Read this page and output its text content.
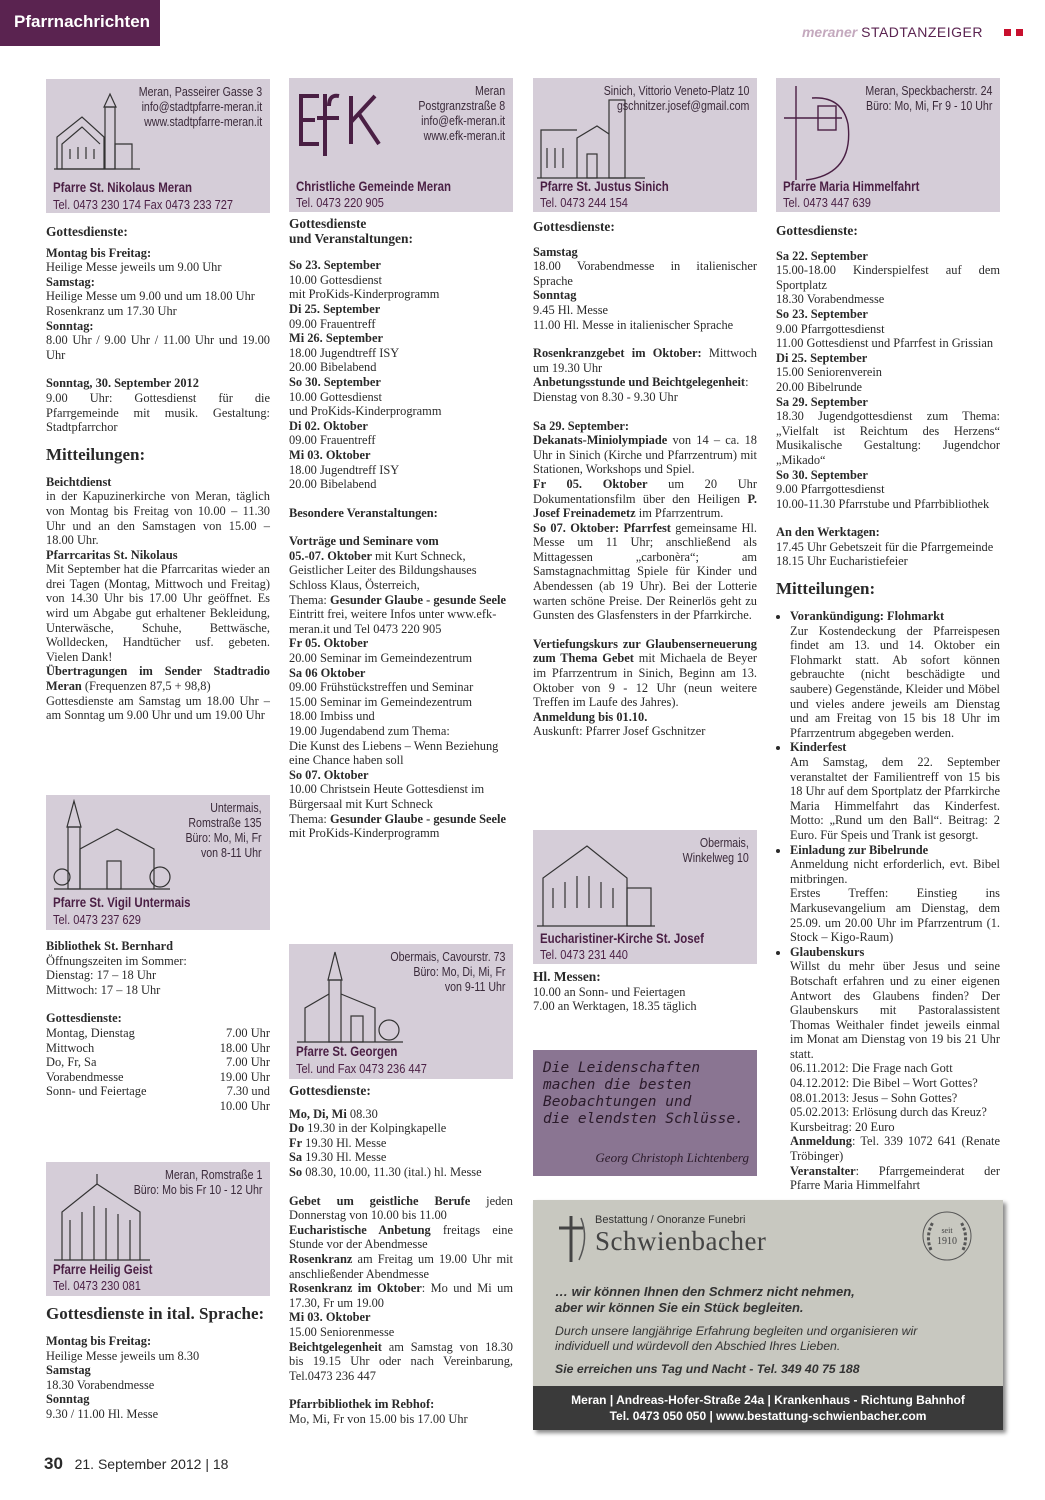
Pfarrnachrichten
meraner STADTANZEIGER
Meran, Passeirer Gasse 3
info@stadtpfarre-meran.it
www.stadtpfarre-meran.it
Pfarre St. Nikolaus Meran
Tel. 0473 230 174 Fax 0473 233 727

Gottesdienste:

Montag bis Freitag:

Heilige Messe jeweils um 9.00 Uhr

Samstag:

Heilige Messe um 9.00 und um 18.00 Uhr

Rosenkranz um 17.30 Uhr

Sonntag:

8.00 Uhr / 9.00 Uhr / 11.00 Uhr und 19.00 Uhr

Sonntag, 30. September 2012

9.00 Uhr: Gottesdienst für die Pfarrgemeinde mit musik. Gestaltung: Stadtpfarrchor

Mitteilungen:

Beichtdienst

in der Kapuzinerkirche von Meran, täglich von Montag bis Freitag von 10.00 – 11.30 Uhr und an den Samstagen von 15.00 – 18.00 Uhr.

Pfarrcaritas St. Nikolaus

Mit September hat die Pfarrcaritas wieder an drei Tagen (Montag, Mittwoch und Freitag) von 14.30 Uhr bis 17.00 Uhr geöffnet. Es wird um Abgabe gut erhaltener Bekleidung, Unterwäsche, Schuhe, Bettwäsche, Wolldecken, Handtücher usf. gebeten. Vielen Dank!

Übertragungen im Sender Stadtradio Meran (Frequenzen 87,5 + 98,8)

Gottesdienste am Samstag um 18.00 Uhr – am Sonntag um 9.00 Uhr und um 19.00 Uhr

Untermais,
Romstraße 135
Büro: Mo, Mi, Fr
von 8-11 Uhr
Pfarre St. Vigil Untermais
Tel. 0473 237 629

Bibliothek St. Bernhard

Öffnungszeiten im Sommer:

Dienstag: 17 – 18 Uhr

Mittwoch: 17 – 18 Uhr

Gottesdienste:

Montag, Dienstag	7.00 Uhr
Mittwoch	18.00 Uhr
Do, Fr, Sa	7.00 Uhr
Vorabendmesse	19.00 Uhr
Sonn- und Feiertage	7.30 und
10.00 Uhr
Meran, Romstraße 1
Büro: Mo bis Fr 10 - 12 Uhr
Pfarre Heilig Geist
Tel. 0473 230 081

Gottesdienste in ital. Sprache:

Montag bis Freitag:

Heilige Messe jeweils um 8.30

Samstag

18.30 Vorabendmesse

Sonntag

9.30 / 11.00 Hl. Messe

Meran
Postgranzstraße 8
info@efk-meran.it
www.efk-meran.it
Christliche Gemeinde Meran
Tel. 0473 220 905

Gottesdienste

und Veranstaltungen:

So 23. September

10.00 Gottesdienst

mit ProKids-Kinderprogramm

Di 25. September

09.00 Frauentreff

Mi 26. September

18.00 Jugendtreff ISY

20.00 Bibelabend

So 30. September

10.00 Gottesdienst

und ProKids-Kinderprogramm

Di 02. Oktober

09.00 Frauentreff

Mi 03. Oktober

18.00 Jugendtreff ISY

20.00 Bibelabend

Besondere Veranstaltungen:

Vorträge und Seminare vom

05.-07. Oktober mit Kurt Schneck, Geistlicher Leiter des Bildungshauses Schloss Klaus, Österreich,

Thema: Gesunder Glaube - gesunde Seele

Eintritt frei, weitere Infos unter www.efk-meran.it und Tel 0473 220 905

Fr 05. Oktober

20.00 Seminar im Gemeindezentrum

Sa 06 Oktober

09.00 Frühstückstreffen und Seminar

15.00 Seminar im Gemeindezentrum

18.00 Imbiss und

19.00 Jugendabend zum Thema:

Die Kunst des Liebens – Wenn Beziehung eine Chance haben soll

So 07. Oktober

10.00 Christsein Heute Gottesdienst im Bürgersaal mit Kurt Schneck

Thema: Gesunder Glaube - gesunde Seele mit ProKids-Kinderprogramm

Obermais, Cavourstr. 73
Büro: Mo, Di, Mi, Fr
von 9-11 Uhr
Pfarre St. Georgen
Tel. und Fax 0473 236 447

Gottesdienste:

Mo, Di, Mi 08.30

Do 19.30 in der Kolpingkapelle

Fr 19.30 Hl. Messe

Sa 19.30 Hl. Messe

So 08.30, 10.00, 11.30 (ital.) hl. Messe

Gebet um geistliche Berufe jeden Donnerstag von 10.00 bis 11.00

Eucharistische Anbetung freitags eine Stunde vor der Abendmesse

Rosenkranz am Freitag um 19.00 Uhr mit anschließender Abendmesse

Rosenkranz im Oktober: Mo und Mi um 17.30, Fr um 19.00

Mi 03. Oktober

15.00 Seniorenmesse

Beichtgelegenheit am Samstag von 18.30 bis 19.15 Uhr oder nach Vereinbarung, Tel.0473 236 447

Pfarrbibliothek im Rebhof:

Mo, Mi, Fr von 15.00 bis 17.00 Uhr

Sinich, Vittorio Veneto-Platz 10
gschnitzer.josef@gmail.com
Pfarre St. Justus Sinich
Tel. 0473 244 154

Gottesdienste:

Samstag

18.00 Vorabendmesse in italienischer Sprache

Sonntag

9.45 Hl. Messe

11.00 Hl. Messe in italienischer Sprache

Rosenkranzgebet im Oktober: Mittwoch um 19.30 Uhr

Anbetungsstunde und Beichtgelegenheit:

Dienstag von 8.30 - 9.30 Uhr

Sa 29. September:

Dekanats-Miniolympiade von 14 – ca. 18 Uhr in Sinich (Kirche und Pfarrzentrum) mit Stationen, Workshops und Spiel.

Fr 05. Oktober um 20 Uhr Dokumentationsfilm über den Heiligen P. Josef Freinademetz im Pfarrzentrum.

So 07. Oktober: Pfarrfest gemeinsame Hl. Messe um 11 Uhr; anschließend als Mittagessen „carbonèra“; am Samstagnachmittag Spiele für Kinder und Abendessen (ab 19 Uhr). Bei der Lotterie warten schöne Preise. Der Reinerlös geht zu Gunsten des Glasfensters in der Pfarrkirche.

Vertiefungskurs zur Glaubenserneuerung zum Thema Gebet mit Michaela de Beyer im Pfarrzentrum in Sinich, Beginn am 13. Oktober von 9 - 12 Uhr (neun weitere Treffen im Laufe des Jahres).

Anmeldung bis 01.10.

Auskunft: Pfarrer Josef Gschnitzer

Obermais,
Winkelweg 10
Eucharistiner-Kirche St. Josef
Tel. 0473 231 440

Hl. Messen:

10.00 an Sonn- und Feiertagen

7.00 an Werktagen, 18.35 täglich

Die Leidenschaften
machen die besten
Beobachtungen und
die elendsten Schlüsse.
Georg Christoph Lichtenberg
Meran, Speckbacherstr. 24
Büro: Mo, Mi, Fr 9 - 10 Uhr
Pfarre Maria Himmelfahrt
Tel. 0473 447 639

Gottesdienste:

Sa 22. September

15.00-18.00 Kinderspielfest auf dem Sportplatz

18.30 Vorabendmesse

So 23. September

9.00 Pfarrgottesdienst

11.00 Gottesdienst und Pfarrfest in Grissian

Di 25. September

15.00 Seniorenverein

20.00 Bibelrunde

Sa 29. September

18.30 Jugendgottesdienst zum Thema: „Vielfalt ist Reichtum des Herzens“ Musikalische Gestaltung: Jugendchor „Mikado“

So 30. September

9.00 Pfarrgottesdienst

10.00-11.30 Pfarrstube und Pfarrbibliothek

An den Werktagen:

17.45 Uhr Gebetszeit für die Pfarrgemeinde

18.15 Uhr Eucharistiefeier

Mitteilungen:

• Vorankündigung: Flohmarkt
Zur Kostendeckung der Pfarreispesen findet am 13. und 14. Oktober ein Flohmarkt statt. Ab sofort können gebrauchte (nicht beschädigte und saubere) Gegenstände, Kleider und Möbel und vieles andere jeweils am Dienstag und am Freitag von 15 bis 18 Uhr im Pfarrzentrum abgegeben werden.
• Kinderfest
Am Samstag, dem 22. September veranstaltet der Familientreff von 15 bis 18 Uhr auf dem Sportplatz der Pfarrkirche Maria Himmelfahrt das Kinderfest. Motto: „Rund um den Ball“. Beitrag: 2 Euro. Für Speis und Trank ist gesorgt.
• Einladung zur Bibelrunde
Anmeldung nicht erforderlich, evt. Bibel mitbringen.
Erstes Treffen: Einstieg ins Markusevangelium am Dienstag, dem 25.09. um 20.00 Uhr im Pfarrzentrum (1. Stock – Kigo-Raum)
• Glaubenskurs
Willst du mehr über Jesus und seine Botschaft erfahren und zu einer eigenen Antwort des Glaubens finden? Der Glaubenskurs mit Pastoralassistent Thomas Weithaler findet jeweils einmal im Monat am Dienstag von 19 bis 21 Uhr statt.
06.11.2012: Die Frage nach Gott
04.12.2012: Die Bibel – Wort Gottes?
08.01.2013: Jesus – Sohn Gottes?
05.02.2013: Erlösung durch das Kreuz?
Kursbeitrag: 20 Euro
Anmeldung: Tel. 339 1072 641 (Renate Tröbinger)
Veranstalter: Pfarrgemeinderat der Pfarre Maria Himmelfahrt
Bestattung / Onoranze Funebri
Schwienbacher	seit
1910
… wir können Ihnen den Schmerz nicht nehmen,
aber wir können Sie ein Stück begleiten.
Durch unsere langjährige Erfahrung begleiten und organisieren wir
individuell und würdevoll den Abschied Ihres Lieben.
Sie erreichen uns Tag und Nacht - Tel. 349 40 75 188
Meran | Andreas-Hofer-Straße 24a | Krankenhaus - Richtung Bahnhof
Tel. 0473 050 050 | www.bestattung-schwienbacher.com
30 21. September 2012 | 18
